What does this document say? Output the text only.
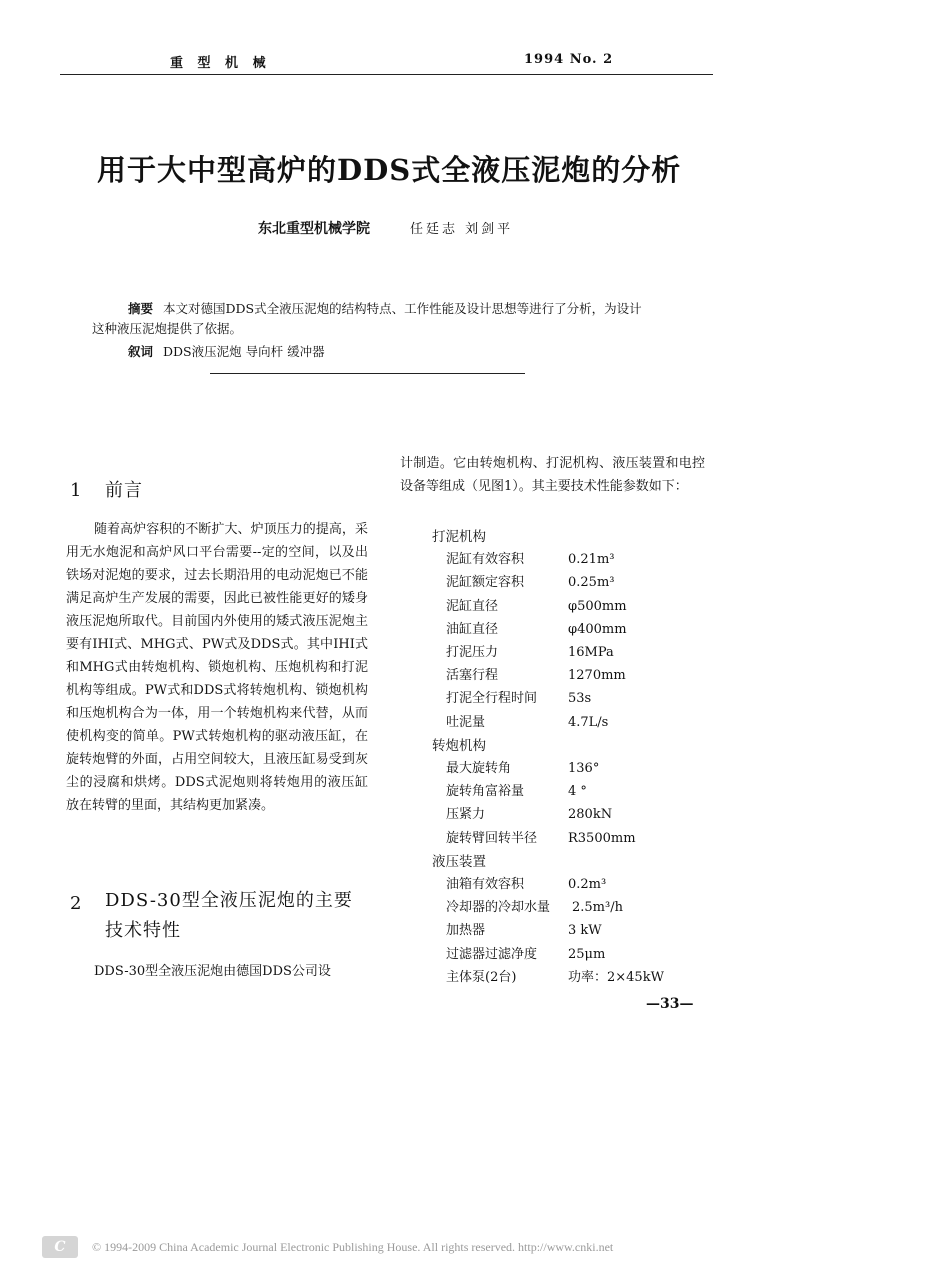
重 型 机 械	1994 No. 2
用于大中型高炉的DDS式全液压泥炮的分析
东北重型机械学院	任廷志 刘剑平
摘要 本文对德国DDS式全液压泥炮的结构特点、工作性能及设计思想等进行了分析，为设计
这种液压泥炮提供了依据。
叙词 DDS液压泥炮 导向杆 缓冲器
1 前言

随着高炉容积的不断扩大、炉顶压力的提高，采用无水炮泥和高炉风口平台需要--定的空间，以及出铁场对泥炮的要求，过去长期沿用的电动泥炮已不能满足高炉生产发展的需要，因此已被性能更好的矮身液压泥炮所取代。目前国内外使用的矮式液压泥炮主要有IHI式、MHG式、PW式及DDS式。其中IHI式和MHG式由转炮机构、锁炮机构、压炮机构和打泥机构等组成。PW式和DDS式将转炮机构、锁炮机构和压炮机构合为一体，用一个转炮机构来代替，从而使机构变的简单。PW式转炮机构的驱动液压缸，在旋转炮臂的外面，占用空间较大，且液压缸易受到灰尘的浸腐和烘烤。DDS式泥炮则将转炮用的液压缸放在转臂的里面，其结构更加紧凑。

2 DDS-30型全液压泥炮的主要
技术特性

DDS-30型全液压泥炮由德国DDS公司设

计制造。它由转炮机构、打泥机构、液压装置和电控设备等组成（见图1）。其主要技术性能参数如下：

打泥机构
泥缸有效容积	0.21m³
泥缸额定容积	0.25m³
泥缸直径	φ500mm
油缸直径	φ400mm
打泥压力	16MPa
活塞行程	1270mm
打泥全行程时间 53s
吐泥量	4.7L/s
转炮机构
最大旋转角	136°
旋转角富裕量	4 °
压紧力	280kN
旋转臂回转半径 R3500mm
液压装置
油箱有效容积	0.2m³
冷却器的冷却水量 2.5m³/h
加热器	3 kW
过滤器过滤净度 25μm
主体泵(2台)	功率：2×45kW
—33—
C	© 1994-2009 China Academic Journal Electronic Publishing House. All rights reserved. http://www.cnki.net
